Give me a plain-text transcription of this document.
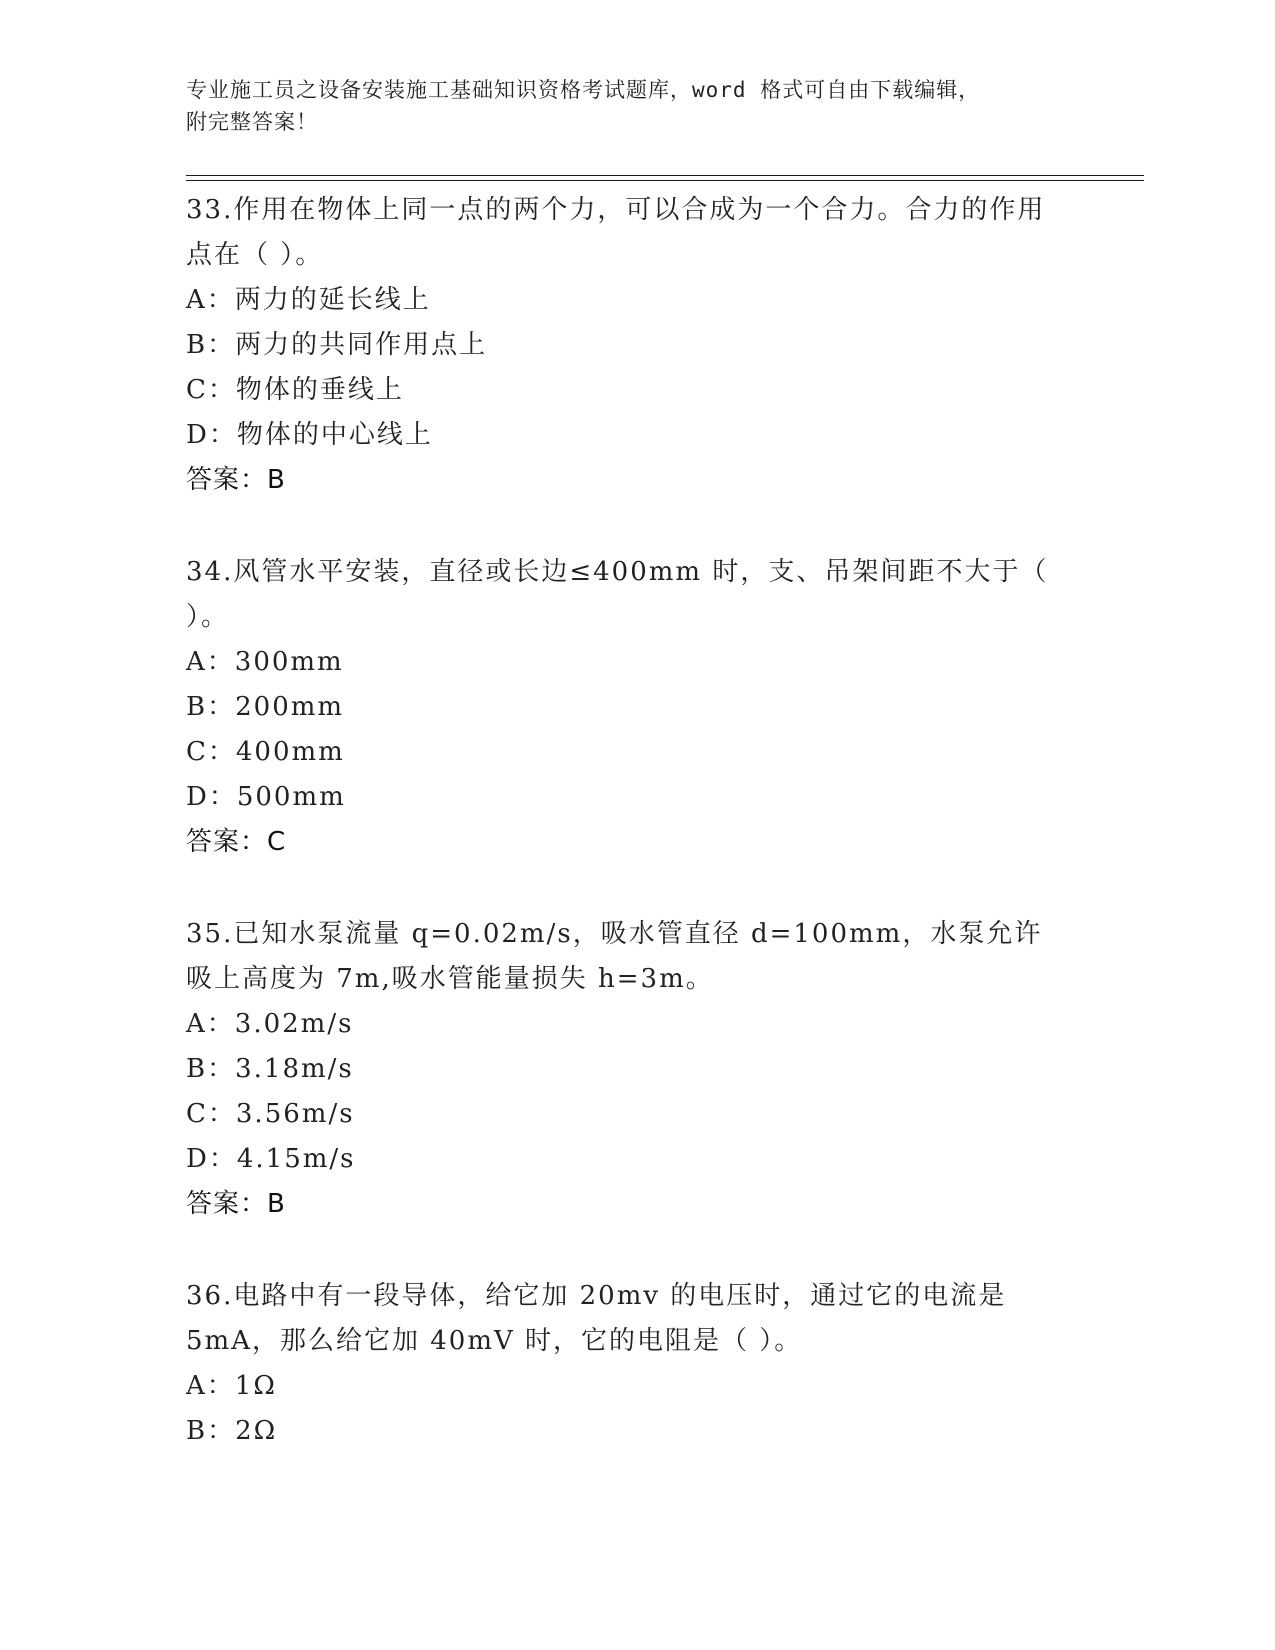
专业施工员之设备安装施工基础知识资格考试题库，word 格式可自由下载编辑，
附完整答案！

33.作用在物体上同一点的两个力，可以合成为一个合力。合力的作用点在（ ）。

A：两力的延长线上
B：两力的共同作用点上
C：物体的垂线上
D：物体的中心线上
答案：B

34.风管水平安装，直径或长边≤400mm 时，支、吊架间距不大于（ ）。

A：300mm
B：200mm
C：400mm
D：500mm
答案：C

35.已知水泵流量 q=0.02m/s，吸水管直径 d=100mm，水泵允许吸上高度为 7m,吸水管能量损失 h=3m。

A：3.02m/s
B：3.18m/s
C：3.56m/s
D：4.15m/s
答案：B

36.电路中有一段导体，给它加 20mv 的电压时，通过它的电流是 5mA，那么给它加 40mV 时，它的电阻是（ ）。

A：1Ω
B：2Ω
